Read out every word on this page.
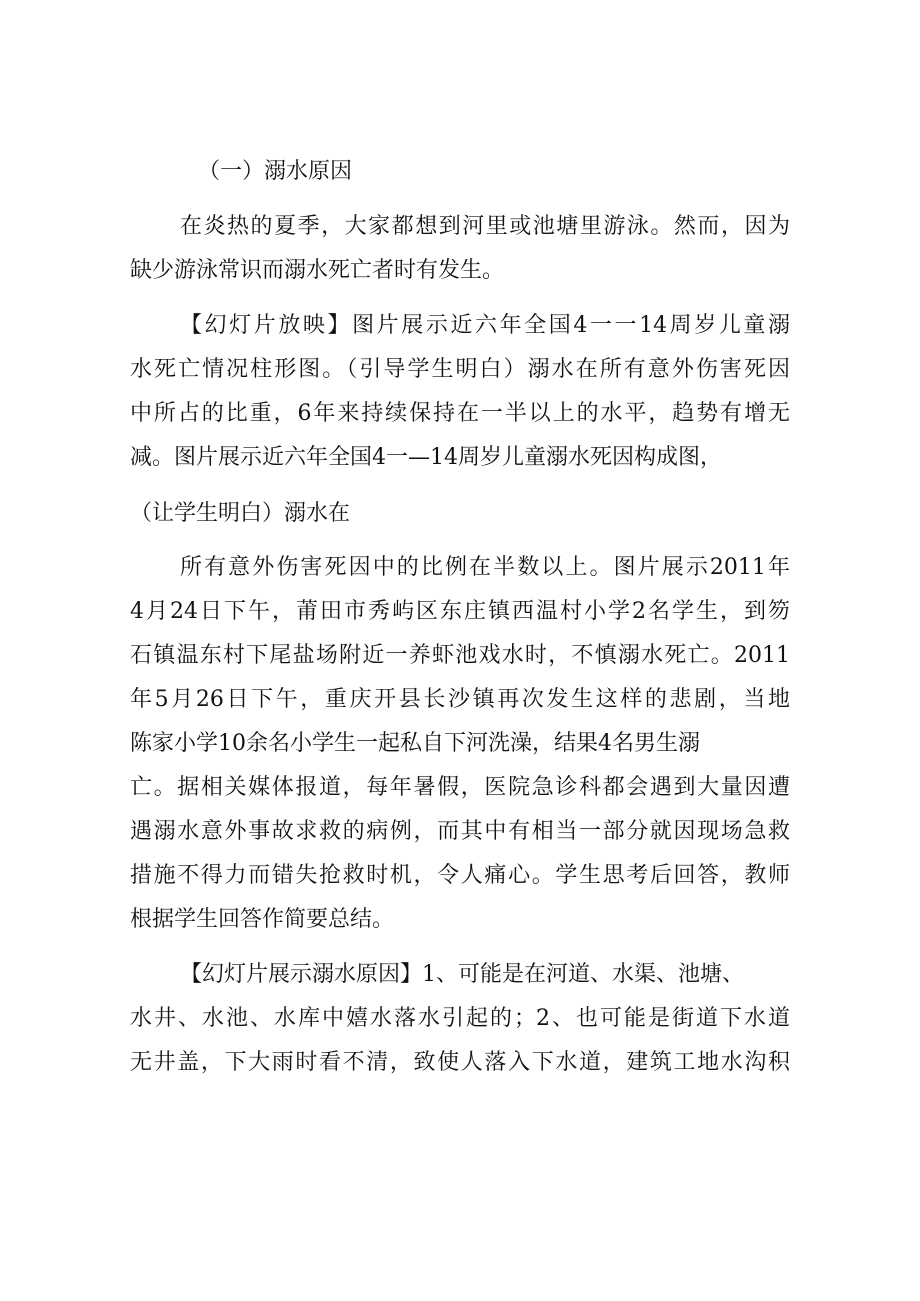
（一）溺水原因

在炎热的夏季，大家都想到河里或池塘里游泳。然而，因为

缺少游泳常识而溺水死亡者时有发生。

【幻灯片放映】图片展示近六年全国4一一14周岁儿童溺

水死亡情况柱形图。（引导学生明白）溺水在所有意外伤害死因

中所占的比重，6年来持续保持在一半以上的水平，趋势有增无

减。图片展示近六年全国4一—14周岁儿童溺水死因构成图，

（让学生明白）溺水在

所有意外伤害死因中的比例在半数以上。图片展示2011年

4月24日下午，莆田市秀屿区东庄镇西温村小学2名学生，到笏

石镇温东村下尾盐场附近一养虾池戏水时，不慎溺水死亡。2011

年5月26日下午，重庆开县长沙镇再次发生这样的悲剧，当地

陈家小学10余名小学生一起私自下河洗澡，结果4名男生溺

亡。据相关媒体报道，每年暑假，医院急诊科都会遇到大量因遭

遇溺水意外事故求救的病例，而其中有相当一部分就因现场急救

措施不得力而错失抢救时机，令人痛心。学生思考后回答，教师

根据学生回答作简要总结。

【幻灯片展示溺水原因】1、可能是在河道、水渠、池塘、

水井、水池、水库中嬉水落水引起的；2、也可能是街道下水道

无井盖，下大雨时看不清，致使人落入下水道，建筑工地水沟积
